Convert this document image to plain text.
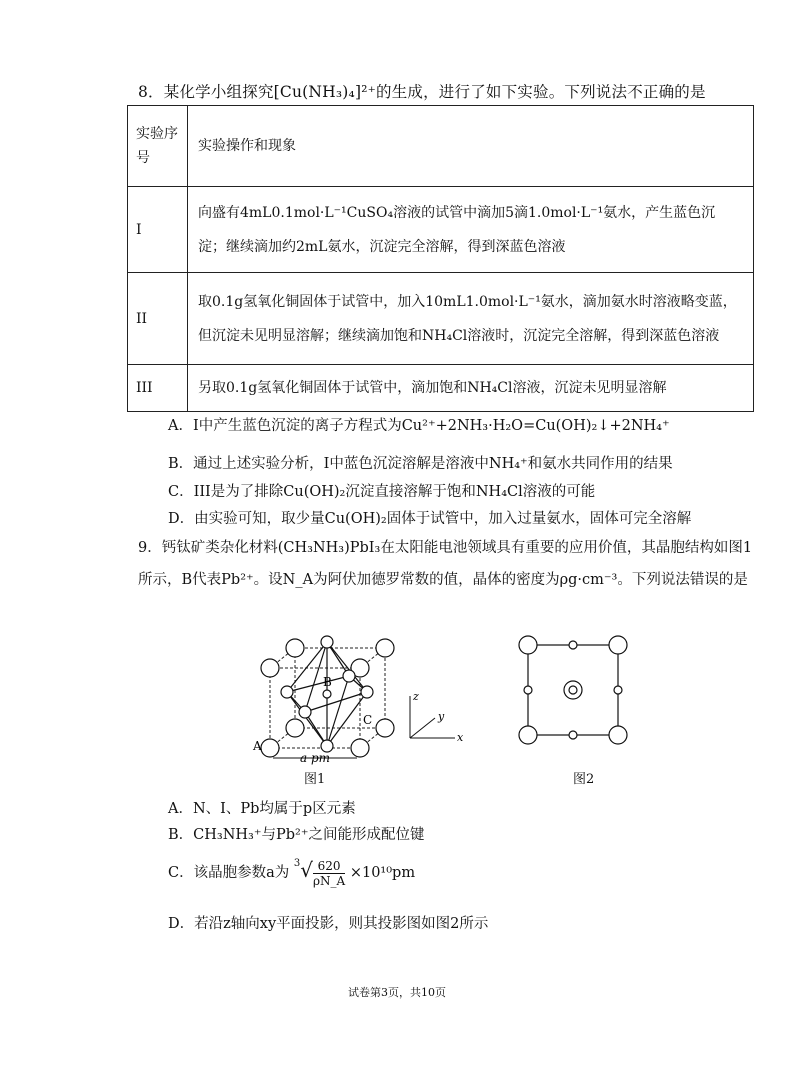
8．某化学小组探究[Cu(NH₃)₄]²⁺的生成，进行了如下实验。下列说法不正确的是
实验序号	实验操作和现象
I	向盛有4mL0.1mol·L⁻¹CuSO₄溶液的试管中滴加5滴1.0mol·L⁻¹氨水，产生蓝色沉淀；继续滴加约2mL氨水，沉淀完全溶解，得到深蓝色溶液
II	取0.1g氢氧化铜固体于试管中，加入10mL1.0mol·L⁻¹氨水，滴加氨水时溶液略变蓝，但沉淀未见明显溶解；继续滴加饱和NH₄Cl溶液时，沉淀完全溶解，得到深蓝色溶液
III	另取0.1g氢氧化铜固体于试管中，滴加饱和NH₄Cl溶液，沉淀未见明显溶解
A．I中产生蓝色沉淀的离子方程式为Cu²⁺+2NH₃·H₂O=Cu(OH)₂↓+2NH₄⁺
B．通过上述实验分析，I中蓝色沉淀溶解是溶液中NH₄⁺和氨水共同作用的结果
C．III是为了排除Cu(OH)₂沉淀直接溶解于饱和NH₄Cl溶液的可能
D．由实验可知，取少量Cu(OH)₂固体于试管中，加入过量氨水，固体可完全溶解
9．钙钛矿类杂化材料(CH₃NH₃)PbI₃在太阳能电池领域具有重要的应用价值，其晶胞结构如图1所示，B代表Pb²⁺。设N_A为阿伏加德罗常数的值，晶体的密度为ρg·cm⁻³。下列说法错误的是
B
A
C
a pm
z
y
x
图1	图2
A．N、I、Pb均属于p区元素
B．CH₃NH₃⁺与Pb²⁺之间能形成配位键
C．该晶胞参数a为 $^3√ \frac{620}{\rho N\_A} \times 10^{10}pm$
D．若沿z轴向xy平面投影，则其投影图如图2所示
试卷第3页，共10页
